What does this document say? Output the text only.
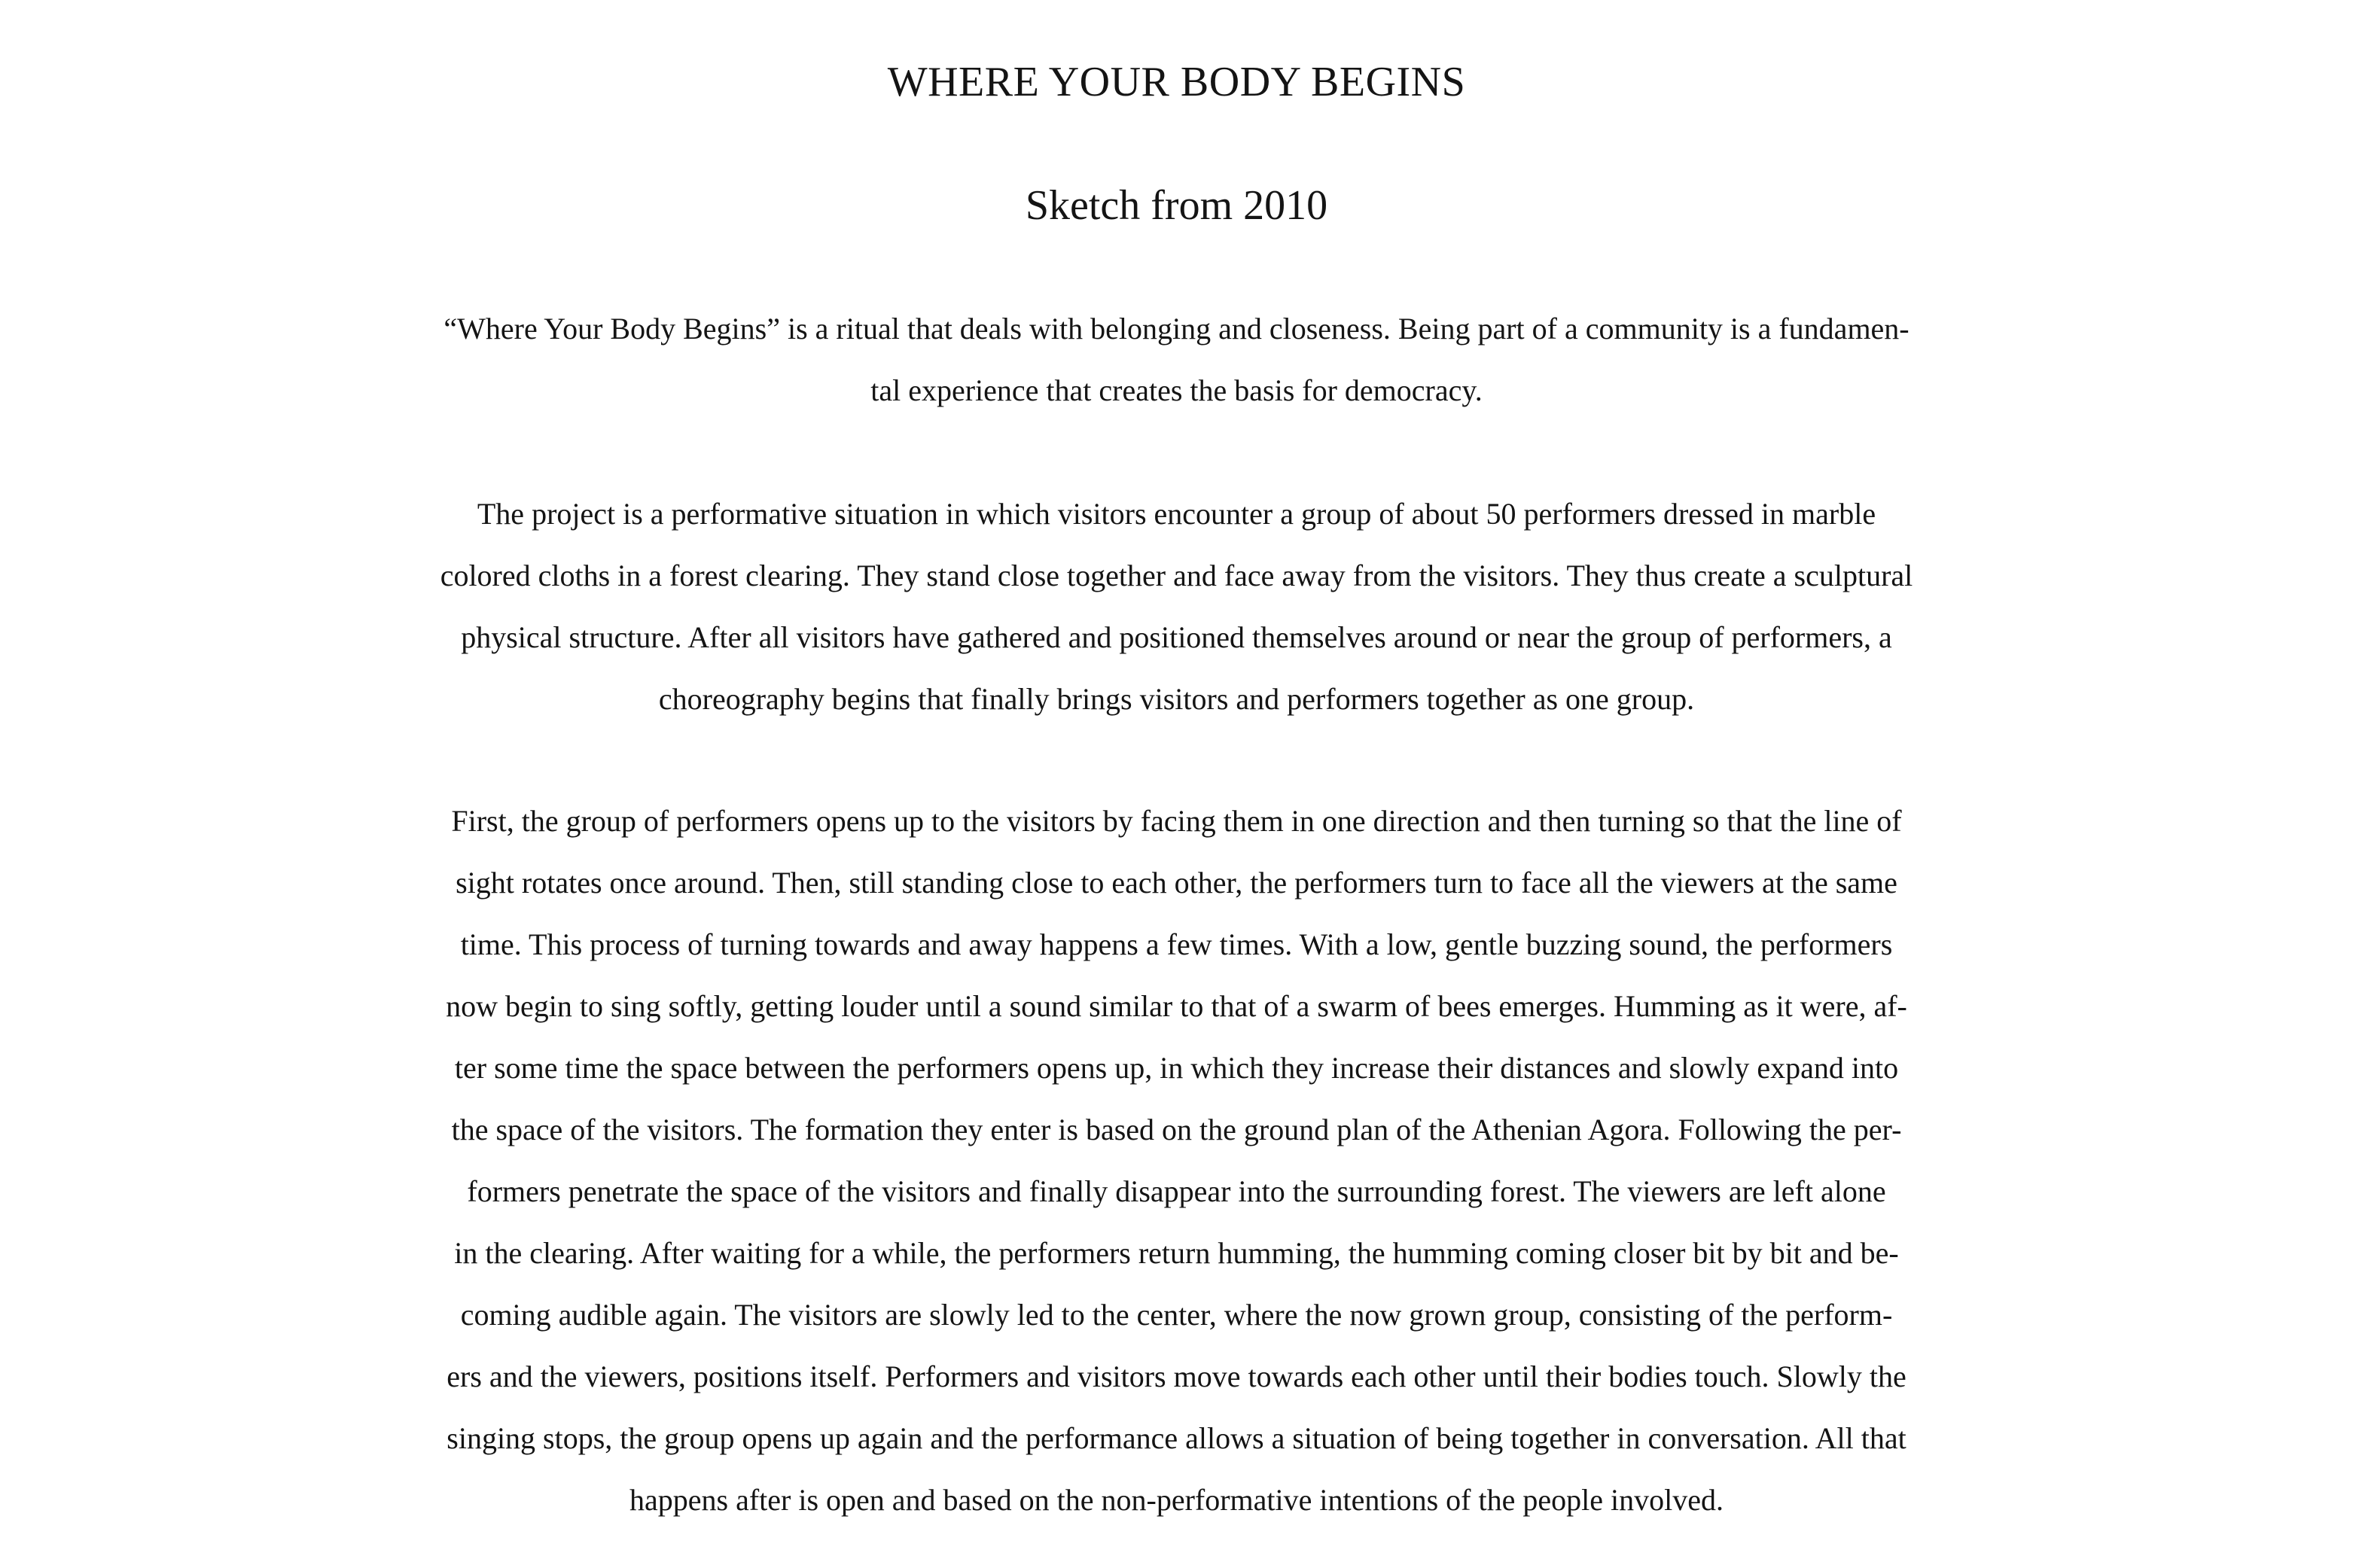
WHERE YOUR BODY BEGINS
Sketch from 2010
“Where Your Body Begins” is a ritual that deals with belonging and closeness. Being part of a community is a fundamen-
tal experience that creates the basis for democracy.
The project is a performative situation in which visitors encounter a group of about 50 performers dressed in marble
colored cloths in a forest clearing. They stand close together and face away from the visitors. They thus create a sculptural
physical structure. After all visitors have gathered and positioned themselves around or near the group of performers, a
choreography begins that finally brings visitors and performers together as one group.
First, the group of performers opens up to the visitors by facing them in one direction and then turning so that the line of
sight rotates once around. Then, still standing close to each other, the performers turn to face all the viewers at the same
time. This process of turning towards and away happens a few times. With a low, gentle buzzing sound, the performers
now begin to sing softly, getting louder until a sound similar to that of a swarm of bees emerges. Humming as it were, af-
ter some time the space between the performers opens up, in which they increase their distances and slowly expand into
the space of the visitors. The formation they enter is based on the ground plan of the Athenian Agora. Following the per-
formers penetrate the space of the visitors and finally disappear into the surrounding forest. The viewers are left alone
in the clearing. After waiting for a while, the performers return humming, the humming coming closer bit by bit and be-
coming audible again. The visitors are slowly led to the center, where the now grown group, consisting of the perform-
ers and the viewers, positions itself. Performers and visitors move towards each other until their bodies touch. Slowly the
singing stops, the group opens up again and the performance allows a situation of being together in conversation. All that
happens after is open and based on the non-performative intentions of the people involved.
